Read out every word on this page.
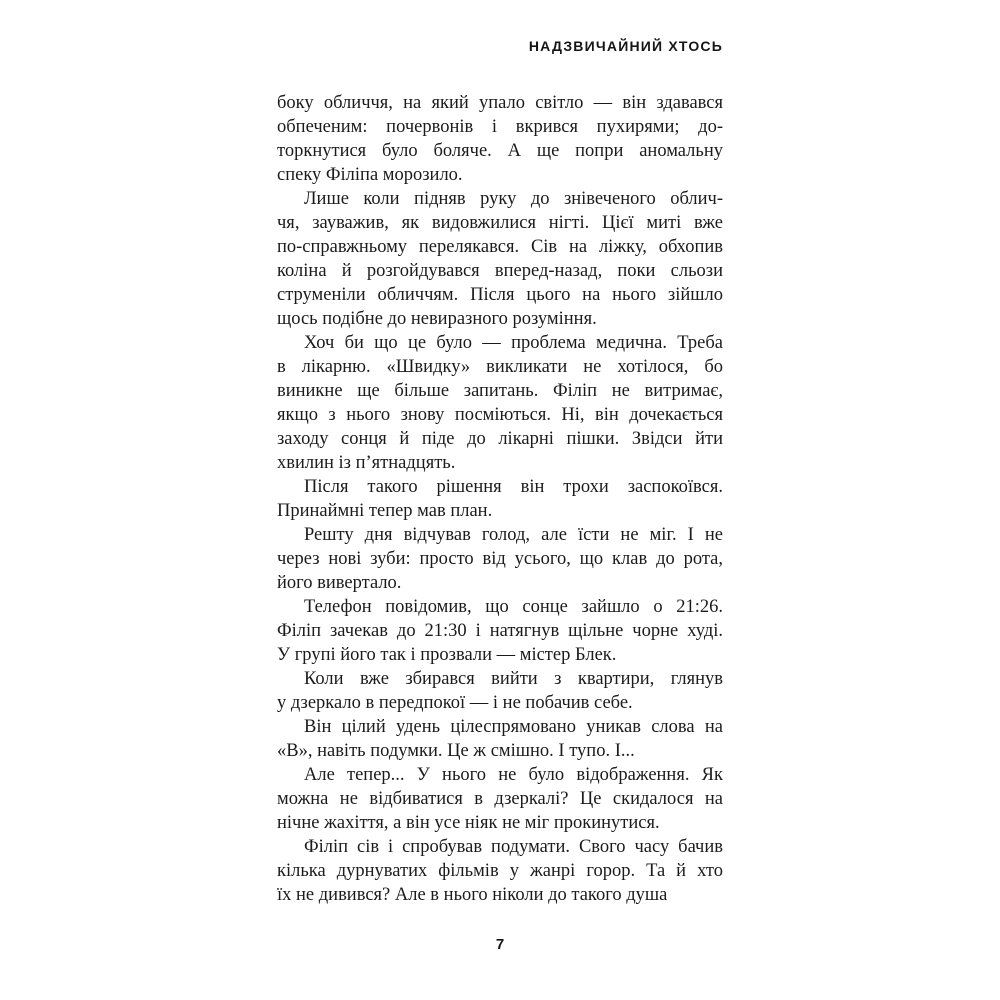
НАДЗВИЧАЙНИЙ ХТОСЬ
боку обличчя, на який упало світло — він здавався
обпеченим: почервонів і вкрився пухирями; до-
торкнутися було боляче. А ще попри аномальну
спеку Філіпа морозило.
Лише коли підняв руку до знівеченого облич-
чя, зауважив, як видовжилися нігті. Цієї миті вже
по-справжньому перелякався. Сів на ліжку, обхопив
коліна й розгойдувався вперед-назад, поки сльози
струменіли обличчям. Після цього на нього зійшло
щось подібне до невиразного розуміння.
Хоч би що це було — проблема медична. Треба
в лікарню. «Швидку» викликати не хотілося, бо
виникне ще більше запитань. Філіп не витримає,
якщо з нього знову посміються. Ні, він дочекається
заходу сонця й піде до лікарні пішки. Звідси йти
хвилин із п’ятнадцять.
Після такого рішення він трохи заспокоївся.
Принаймні тепер мав план.
Решту дня відчував голод, але їсти не міг. І не
через нові зуби: просто від усього, що клав до рота,
його вивертало.
Телефон повідомив, що сонце зайшло о 21:26.
Філіп зачекав до 21:30 і натягнув щільне чорне худі.
У групі його так і прозвали — містер Блек.
Коли вже збирався вийти з квартири, глянув
у дзеркало в передпокої — і не побачив себе.
Він цілий удень цілеспрямовано уникав слова на
«В», навіть подумки. Це ж смішно. І тупо. І...
Але тепер... У нього не було відображення. Як
можна не відбиватися в дзеркалі? Це скидалося на
нічне жахіття, а він усе ніяк не міг прокинутися.
Філіп сів і спробував подумати. Свого часу бачив
кілька дурнуватих фільмів у жанрі горор. Та й хто
їх не дивився? Але в нього ніколи до такого душа
7
